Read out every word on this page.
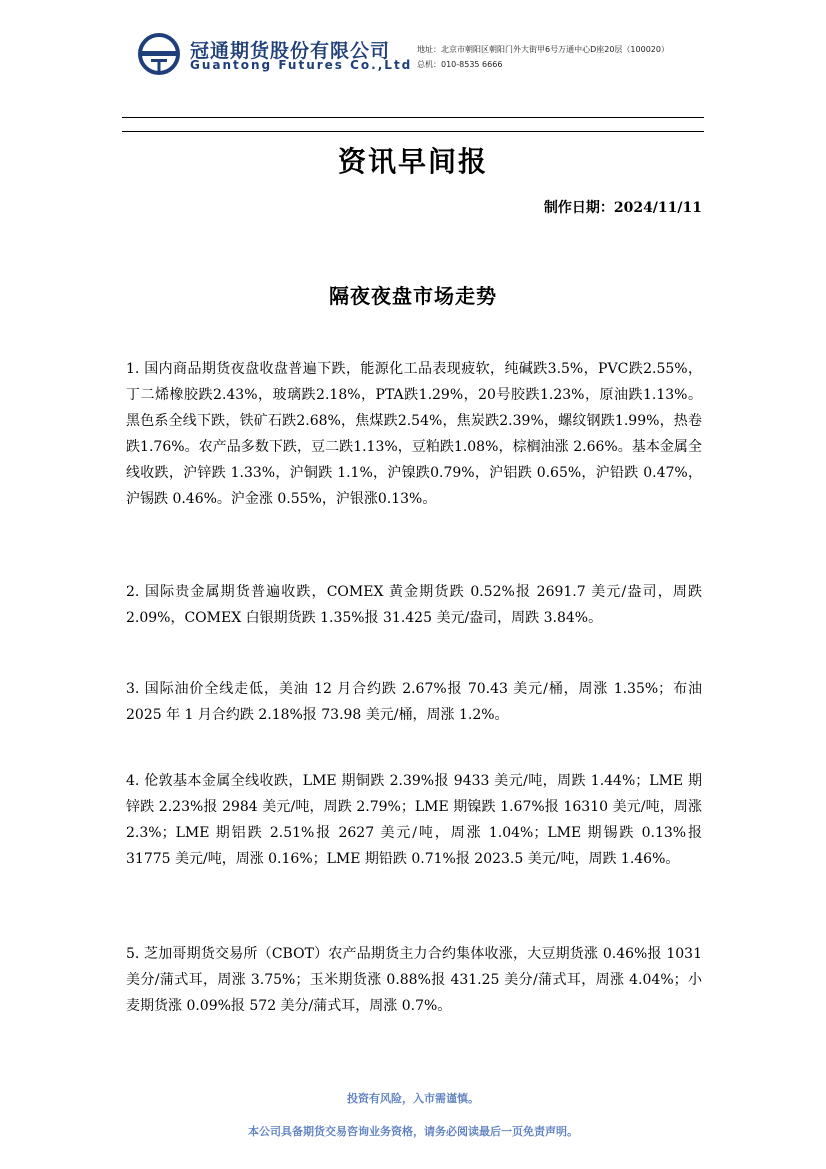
冠通期货股份有限公司
Guantong Futures Co.,Ltd
地址：北京市朝阳区朝阳门外大街甲6号万通中心D座20层（100020）
总机：010-8535 6666
资讯早间报
制作日期：2024/11/11
隔夜夜盘市场走势

1. 国内商品期货夜盘收盘普遍下跌，能源化工品表现疲软，纯碱跌3.5%，PVC跌2.55%，丁二烯橡胶跌2.43%，玻璃跌2.18%，PTA跌1.29%，20号胶跌1.23%，原油跌1.13%。黑色系全线下跌，铁矿石跌2.68%，焦煤跌2.54%，焦炭跌2.39%，螺纹钢跌1.99%，热卷跌1.76%。农产品多数下跌，豆二跌1.13%，豆粕跌1.08%，棕榈油涨 2.66%。基本金属全线收跌，沪锌跌 1.33%，沪铜跌 1.1%，沪镍跌0.79%，沪铝跌 0.65%，沪铅跌 0.47%，沪锡跌 0.46%。沪金涨 0.55%，沪银涨0.13%。

2. 国际贵金属期货普遍收跌，COMEX 黄金期货跌 0.52%报 2691.7 美元/盎司，周跌 2.09%，COMEX 白银期货跌 1.35%报 31.425 美元/盎司，周跌 3.84%。

3. 国际油价全线走低，美油 12 月合约跌 2.67%报 70.43 美元/桶，周涨 1.35%；布油 2025 年 1 月合约跌 2.18%报 73.98 美元/桶，周涨 1.2%。

4. 伦敦基本金属全线收跌，LME 期铜跌 2.39%报 9433 美元/吨，周跌 1.44%；LME 期锌跌 2.23%报 2984 美元/吨，周跌 2.79%；LME 期镍跌 1.67%报 16310 美元/吨，周涨 2.3%；LME 期铝跌 2.51%报 2627 美元/吨，周涨 1.04%；LME 期锡跌 0.13%报 31775 美元/吨，周涨 0.16%；LME 期铅跌 0.71%报 2023.5 美元/吨，周跌 1.46%。

5. 芝加哥期货交易所（CBOT）农产品期货主力合约集体收涨，大豆期货涨 0.46%报 1031 美分/蒲式耳，周涨 3.75%；玉米期货涨 0.88%报 431.25 美分/蒲式耳，周涨 4.04%；小麦期货涨 0.09%报 572 美分/蒲式耳，周涨 0.7%。

投资有风险，入市需谨慎。
本公司具备期货交易咨询业务资格，请务必阅读最后一页免责声明。
